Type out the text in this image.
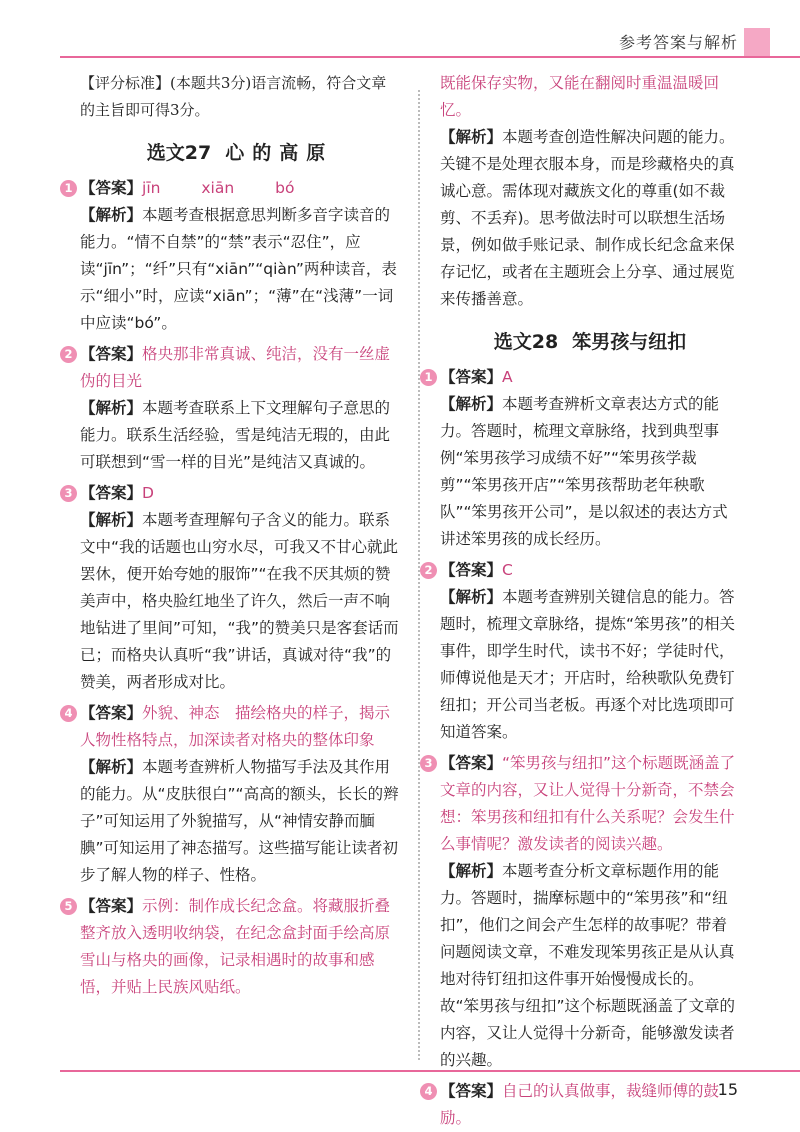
参考答案与解析

【评分标准】(本题共3分)语言流畅，符合文章的主旨即可得3分。

选文27 心的高原
1 【答案】jīn xiān bó

【解析】本题考查根据意思判断多音字读音的能力。“情不自禁”的“禁”表示“忍住”，应读“jīn”；“纤”只有“xiān”“qiàn”两种读音，表示“细小”时，应读“xiān”；“薄”在“浅薄”一词中应读“bó”。

2 【答案】格央那非常真诚、纯洁，没有一丝虚伪的目光

【解析】本题考查联系上下文理解句子意思的能力。联系生活经验，雪是纯洁无瑕的，由此可联想到“雪一样的目光”是纯洁又真诚的。

3 【答案】D

【解析】本题考查理解句子含义的能力。联系文中“我的话题也山穷水尽，可我又不甘心就此罢休，便开始夸她的服饰”“在我不厌其烦的赞美声中，格央脸红地坐了许久，然后一声不响地钻进了里间”可知，“我”的赞美只是客套话而已；而格央认真听“我”讲话，真诚对待“我”的赞美，两者形成对比。

4 【答案】外貌、神态　描绘格央的样子，揭示人物性格特点，加深读者对格央的整体印象

【解析】本题考查辨析人物描写手法及其作用的能力。从“皮肤很白”“高高的额头，长长的辫子”可知运用了外貌描写，从“神情安静而腼腆”可知运用了神态描写。这些描写能让读者初步了解人物的样子、性格。

5 【答案】示例：制作成长纪念盒。将藏服折叠整齐放入透明收纳袋，在纪念盒封面手绘高原雪山与格央的画像，记录相遇时的故事和感悟，并贴上民族风贴纸。

既能保存实物，又能在翻阅时重温温暖回忆。

【解析】本题考查创造性解决问题的能力。关键不是处理衣服本身，而是珍藏格央的真诚心意。需体现对藏族文化的尊重(如不裁剪、不丢弃)。思考做法时可以联想生活场景，例如做手账记录、制作成长纪念盒来保存记忆，或者在主题班会上分享、通过展览来传播善意。

选文28 笨男孩与纽扣
1 【答案】A

【解析】本题考查辨析文章表达方式的能力。答题时，梳理文章脉络，找到典型事例“笨男孩学习成绩不好”“笨男孩学裁剪”“笨男孩开店”“笨男孩帮助老年秧歌队”“笨男孩开公司”，是以叙述的表达方式讲述笨男孩的成长经历。

2 【答案】C

【解析】本题考查辨别关键信息的能力。答题时，梳理文章脉络，提炼“笨男孩”的相关事件，即学生时代，读书不好；学徒时代，师傅说他是天才；开店时，给秧歌队免费钉纽扣；开公司当老板。再逐个对比选项即可知道答案。

3 【答案】“笨男孩与纽扣”这个标题既涵盖了文章的内容，又让人觉得十分新奇，不禁会想：笨男孩和纽扣有什么关系呢？会发生什么事情呢？激发读者的阅读兴趣。

【解析】本题考查分析文章标题作用的能力。答题时，揣摩标题中的“笨男孩”和“纽扣”，他们之间会产生怎样的故事呢？带着问题阅读文章，不难发现笨男孩正是从认真地对待钉纽扣这件事开始慢慢成长的。故“笨男孩与纽扣”这个标题既涵盖了文章的内容，又让人觉得十分新奇，能够激发读者的兴趣。

4 【答案】自己的认真做事，裁缝师傅的鼓励。

15
